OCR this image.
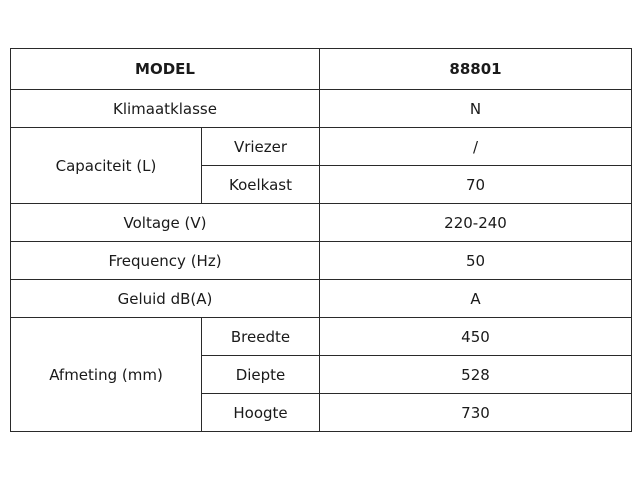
MODEL		88801
Klimaatklasse		N
Capaciteit (L)	Vriezer	/
	Koelkast	70
Voltage (V)		220-240
Frequency (Hz)		50
Geluid dB(A)		A
Afmeting (mm)	Breedte	450
	Diepte	528
	Hoogte	730
